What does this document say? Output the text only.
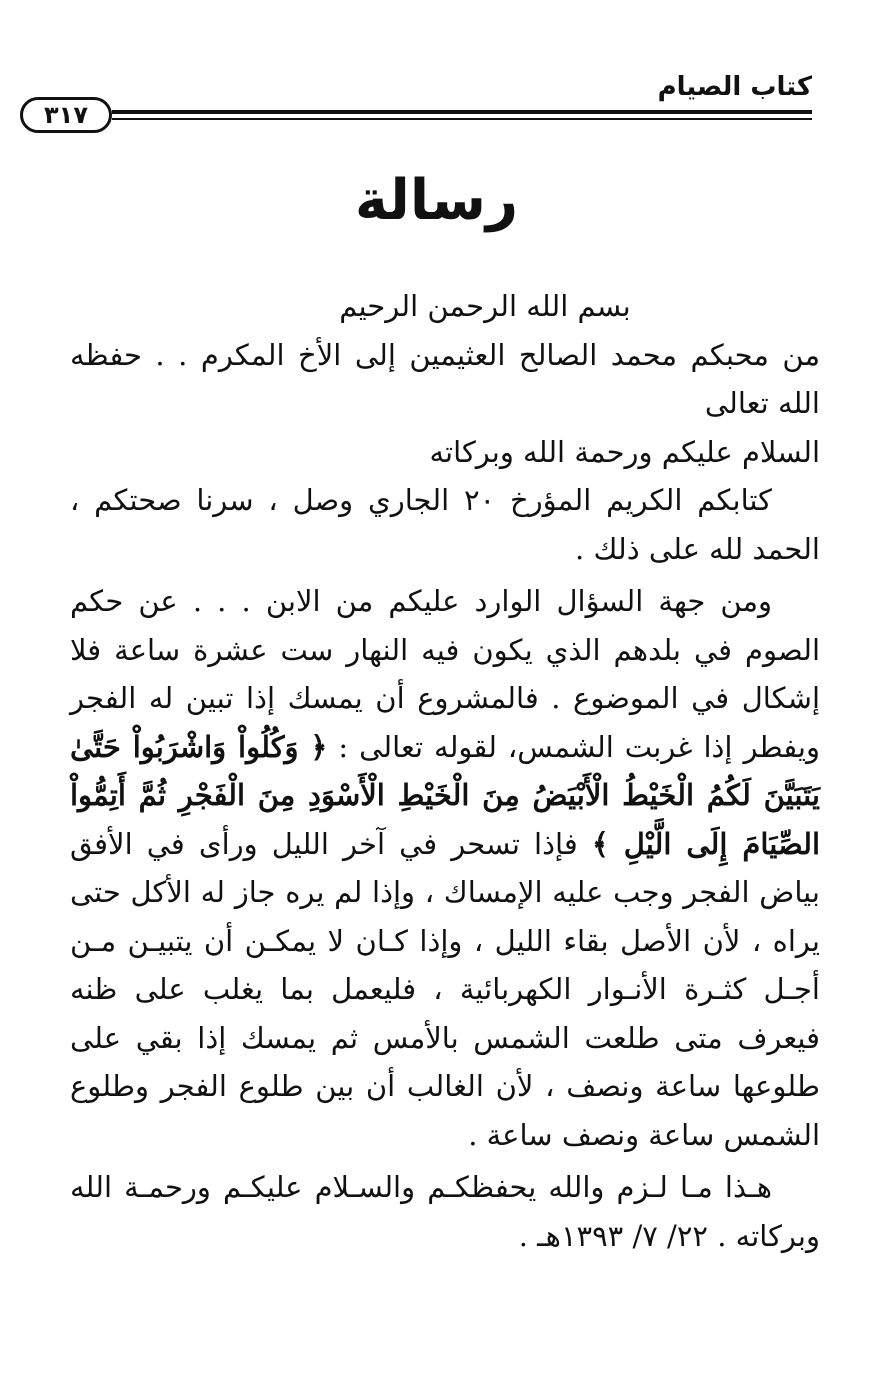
كتاب الصيام
٣١٧
رسالة

بسم الله الرحمن الرحيم

من محبكم محمد الصالح العثيمين إلى الأخ المكرم . . حفظه الله تعالى

السلام عليكم ورحمة الله وبركاته

كتابكم الكريم المؤرخ ٢٠ الجاري وصل ، سرنا صحتكم ، الحمد لله على ذلك .

ومن جهة السؤال الوارد عليكم من الابن . . . عن حكم الصوم في بلدهم الذي يكون فيه النهار ست عشرة ساعة فلا إشكال في الموضوع . فالمشروع أن يمسك إذا تبين له الفجر ويفطر إذا غربت الشمس، لقوله تعالى : ﴿ وَكُلُواْ وَاشْرَبُواْ حَتَّىٰ يَتَبَيَّنَ لَكُمُ الْخَيْطُ الْأَبْيَضُ مِنَ الْخَيْطِ الْأَسْوَدِ مِنَ الْفَجْرِ ثُمَّ أَتِمُّواْ الصِّيَامَ إِلَى الَّيْلِ ﴾ فإذا تسحر في آخر الليل ورأى في الأفق بياض الفجر وجب عليه الإمساك ، وإذا لم يره جاز له الأكل حتى يراه ، لأن الأصل بقاء الليل ، وإذا كـان لا يمكـن أن يتبيـن مـن أجـل كثـرة الأنـوار الكهربائية ، فليعمل بما يغلب على ظنه فيعرف متى طلعت الشمس بالأمس ثم يمسك إذا بقي على طلوعها ساعة ونصف ، لأن الغالب أن بين طلوع الفجر وطلوع الشمس ساعة ونصف ساعة .

هـذا مـا لـزم والله يحفظكـم والسـلام عليكـم ورحمـة الله وبركاته . ٢٢/ ٧/ ١٣٩٣هـ .
